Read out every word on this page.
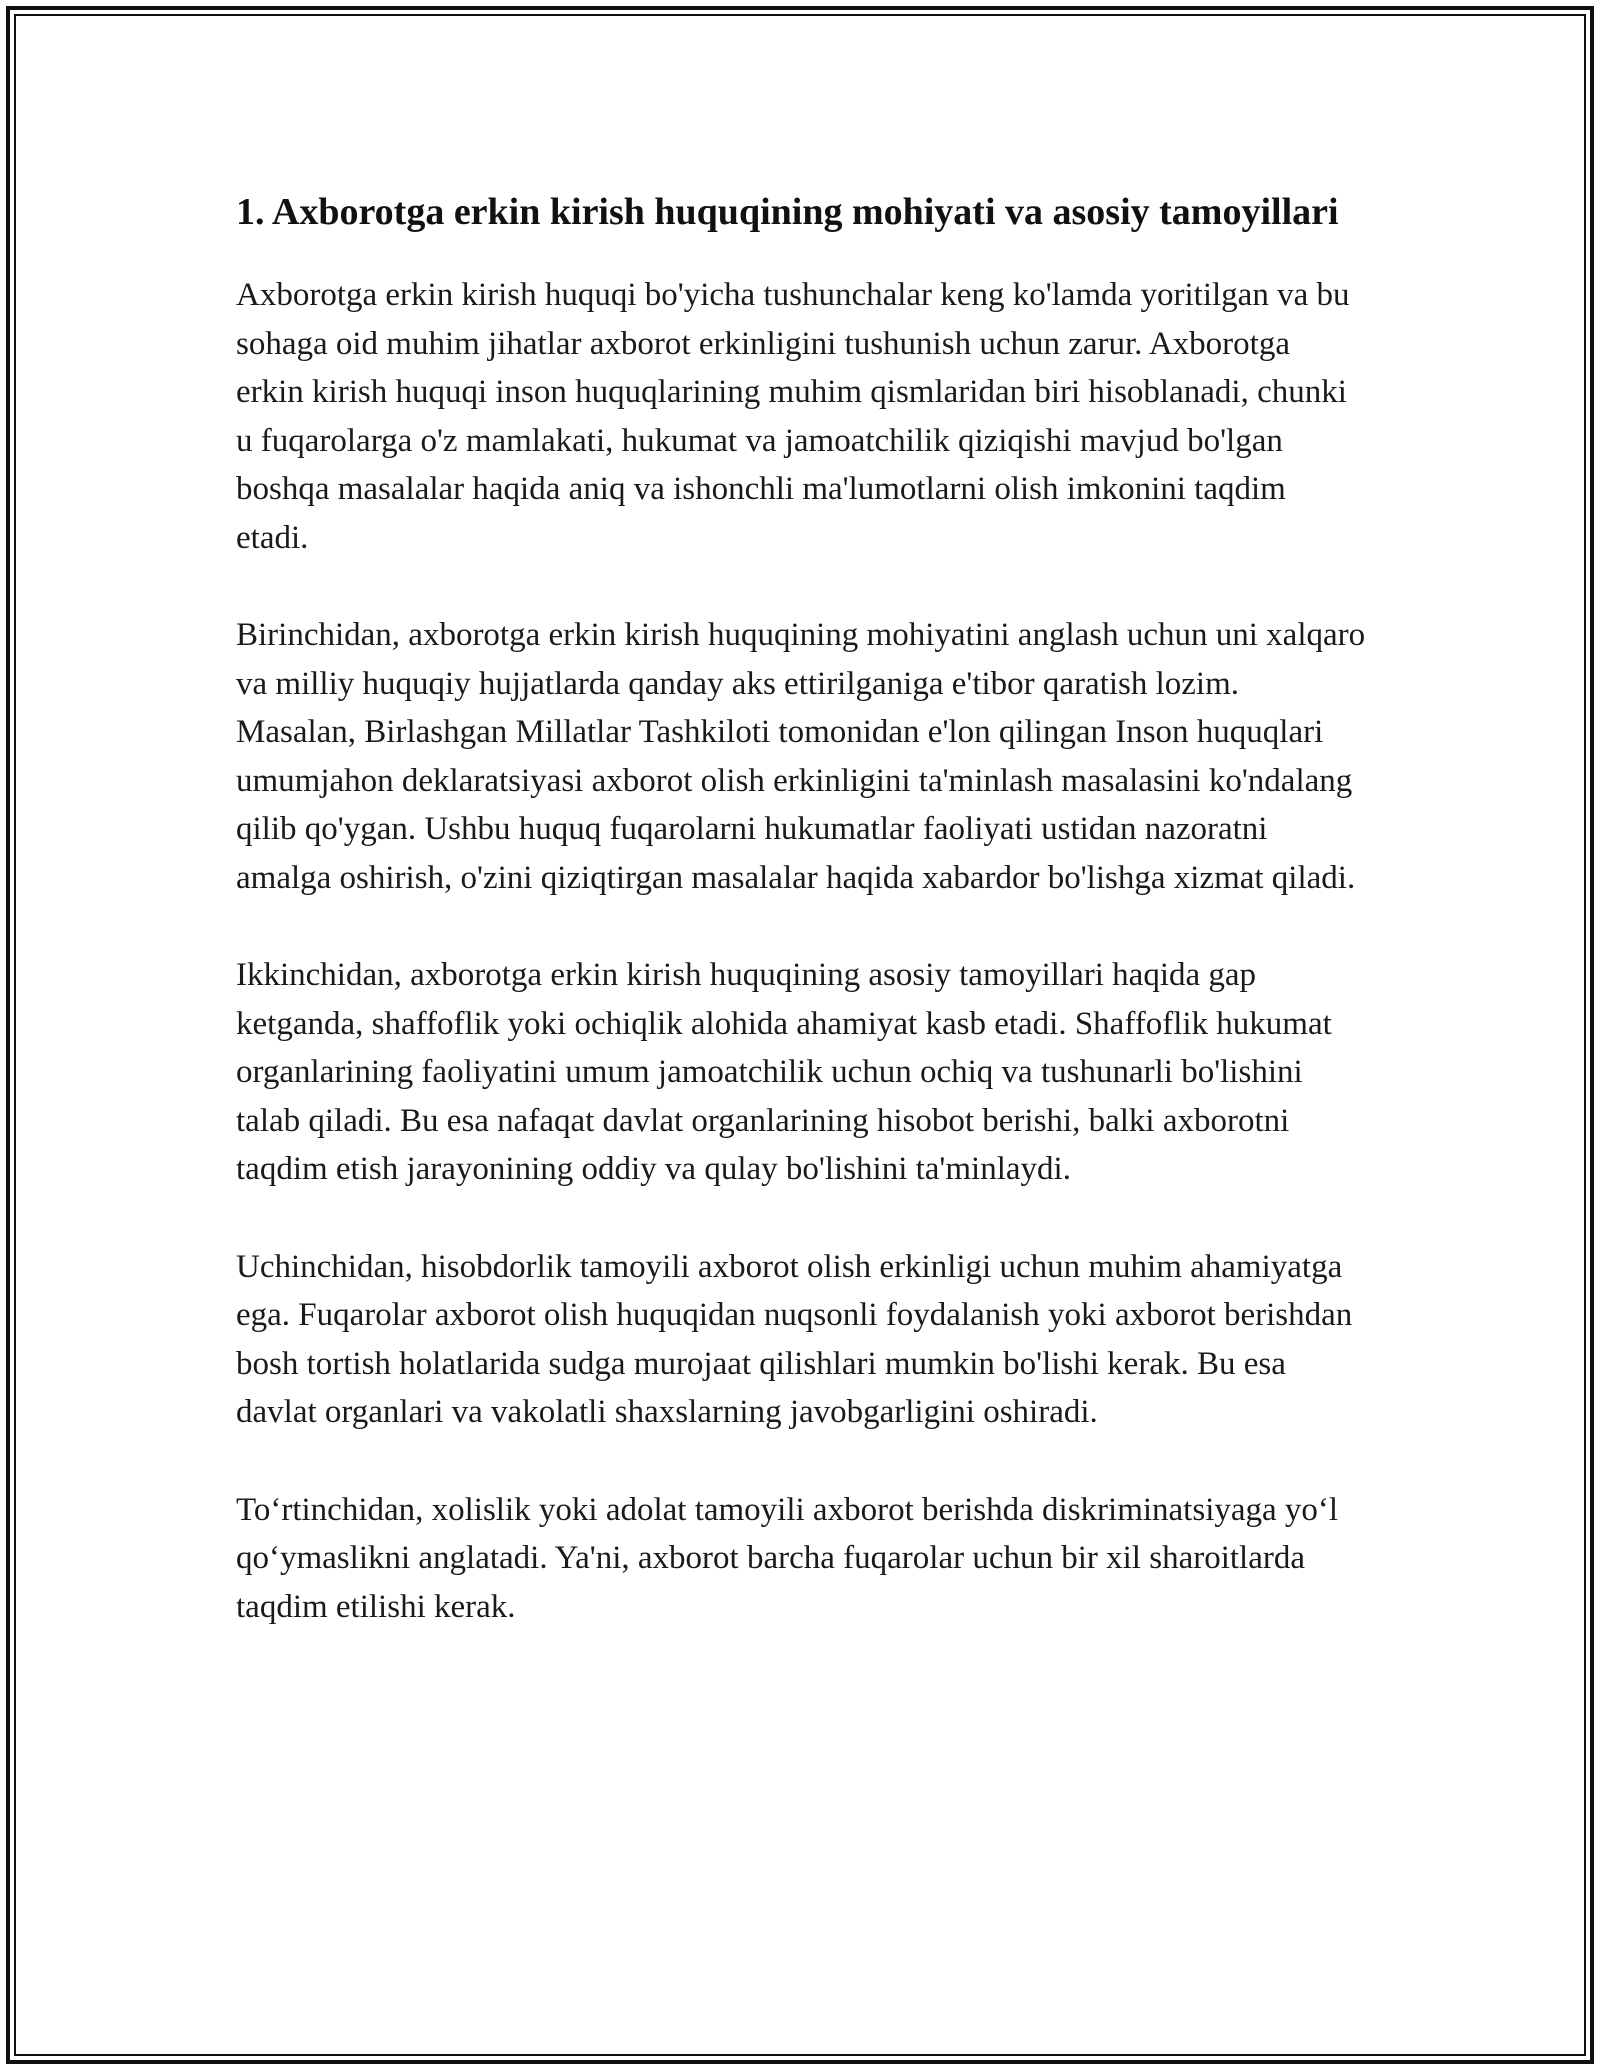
1. Axborotga erkin kirish huquqining mohiyati va asosiy tamoyillari

Axborotga erkin kirish huquqi bo'yicha tushunchalar keng ko'lamda yoritilgan va bu sohaga oid muhim jihatlar axborot erkinligini tushunish uchun zarur. Axborotga erkin kirish huquqi inson huquqlarining muhim qismlaridan biri hisoblanadi, chunki u fuqarolarga o'z mamlakati, hukumat va jamoatchilik qiziqishi mavjud bo'lgan boshqa masalalar haqida aniq va ishonchli ma'lumotlarni olish imkonini taqdim etadi.

Birinchidan, axborotga erkin kirish huquqining mohiyatini anglash uchun uni xalqaro va milliy huquqiy hujjatlarda qanday aks ettirilganiga e'tibor qaratish lozim. Masalan, Birlashgan Millatlar Tashkiloti tomonidan e'lon qilingan Inson huquqlari umumjahon deklaratsiyasi axborot olish erkinligini ta'minlash masalasini ko'ndalang qilib qo'ygan. Ushbu huquq fuqarolarni hukumatlar faoliyati ustidan nazoratni amalga oshirish, o'zini qiziqtirgan masalalar haqida xabardor bo'lishga xizmat qiladi.

Ikkinchidan, axborotga erkin kirish huquqining asosiy tamoyillari haqida gap ketganda, shaffoflik yoki ochiqlik alohida ahamiyat kasb etadi. Shaffoflik hukumat organlarining faoliyatini umum jamoatchilik uchun ochiq va tushunarli bo'lishini talab qiladi. Bu esa nafaqat davlat organlarining hisobot berishi, balki axborotni taqdim etish jarayonining oddiy va qulay bo'lishini ta'minlaydi.

Uchinchidan, hisobdorlik tamoyili axborot olish erkinligi uchun muhim ahamiyatga ega. Fuqarolar axborot olish huquqidan nuqsonli foydalanish yoki axborot berishdan bosh tortish holatlarida sudga murojaat qilishlari mumkin bo'lishi kerak. Bu esa davlat organlari va vakolatli shaxslarning javobgarligini oshiradi.

To‘rtinchidan, xolislik yoki adolat tamoyili axborot berishda diskriminatsiyaga yo‘l qo‘ymaslikni anglatadi. Ya'ni, axborot barcha fuqarolar uchun bir xil sharoitlarda taqdim etilishi kerak.
